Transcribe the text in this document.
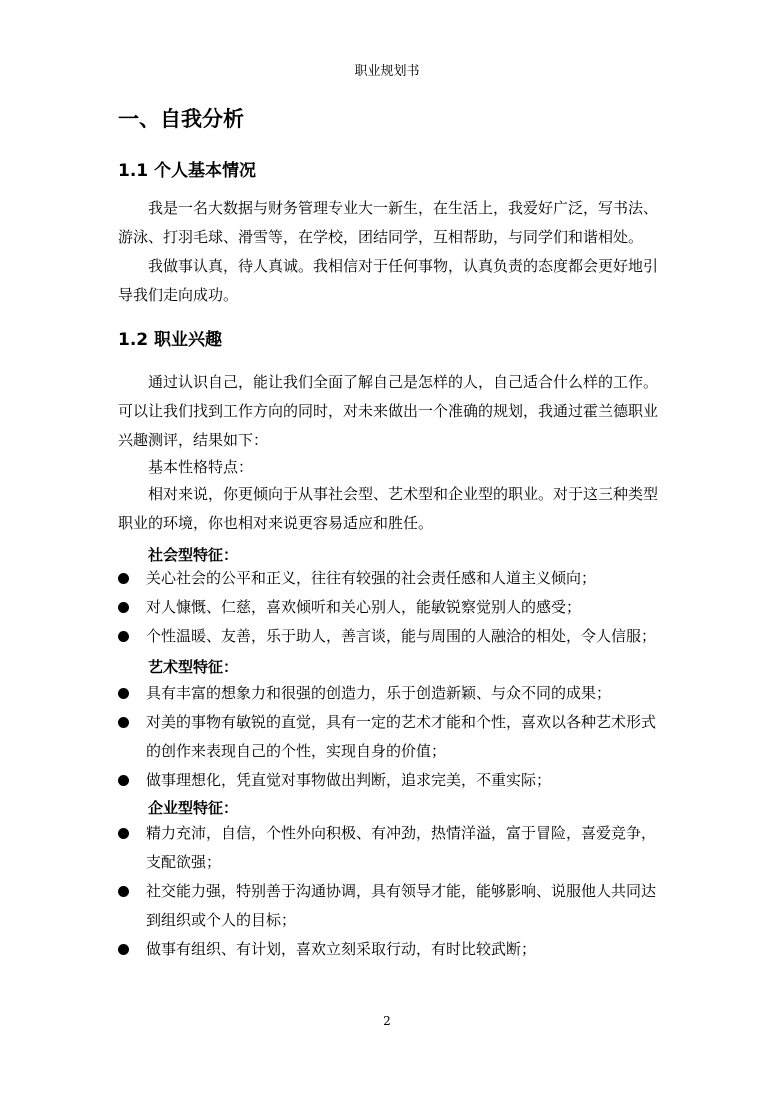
职业规划书
一、自我分析
1.1 个人基本情况
我是一名大数据与财务管理专业大一新生，在生活上，我爱好广泛，写书法、游泳、打羽毛球、滑雪等，在学校，团结同学，互相帮助，与同学们和谐相处。
我做事认真，待人真诚。我相信对于任何事物，认真负责的态度都会更好地引导我们走向成功。
1.2 职业兴趣
通过认识自己，能让我们全面了解自己是怎样的人，自己适合什么样的工作。可以让我们找到工作方向的同时，对未来做出一个准确的规划，我通过霍兰德职业兴趣测评，结果如下：
基本性格特点：
相对来说，你更倾向于从事社会型、艺术型和企业型的职业。对于这三种类型职业的环境，你也相对来说更容易适应和胜任。
社会型特征：
关心社会的公平和正义，往往有较强的社会责任感和人道主义倾向；
对人慷慨、仁慈，喜欢倾听和关心别人，能敏锐察觉别人的感受；
个性温暖、友善，乐于助人，善言谈，能与周围的人融洽的相处，令人信服；
艺术型特征：
具有丰富的想象力和很强的创造力，乐于创造新颖、与众不同的成果；
对美的事物有敏锐的直觉，具有一定的艺术才能和个性，喜欢以各种艺术形式的创作来表现自己的个性，实现自身的价值；
做事理想化，凭直觉对事物做出判断，追求完美，不重实际；
企业型特征：
精力充沛，自信，个性外向积极、有冲劲，热情洋溢，富于冒险，喜爱竞争，支配欲强；
社交能力强，特别善于沟通协调，具有领导才能，能够影响、说服他人共同达到组织或个人的目标；
做事有组织、有计划，喜欢立刻采取行动，有时比较武断；
2
